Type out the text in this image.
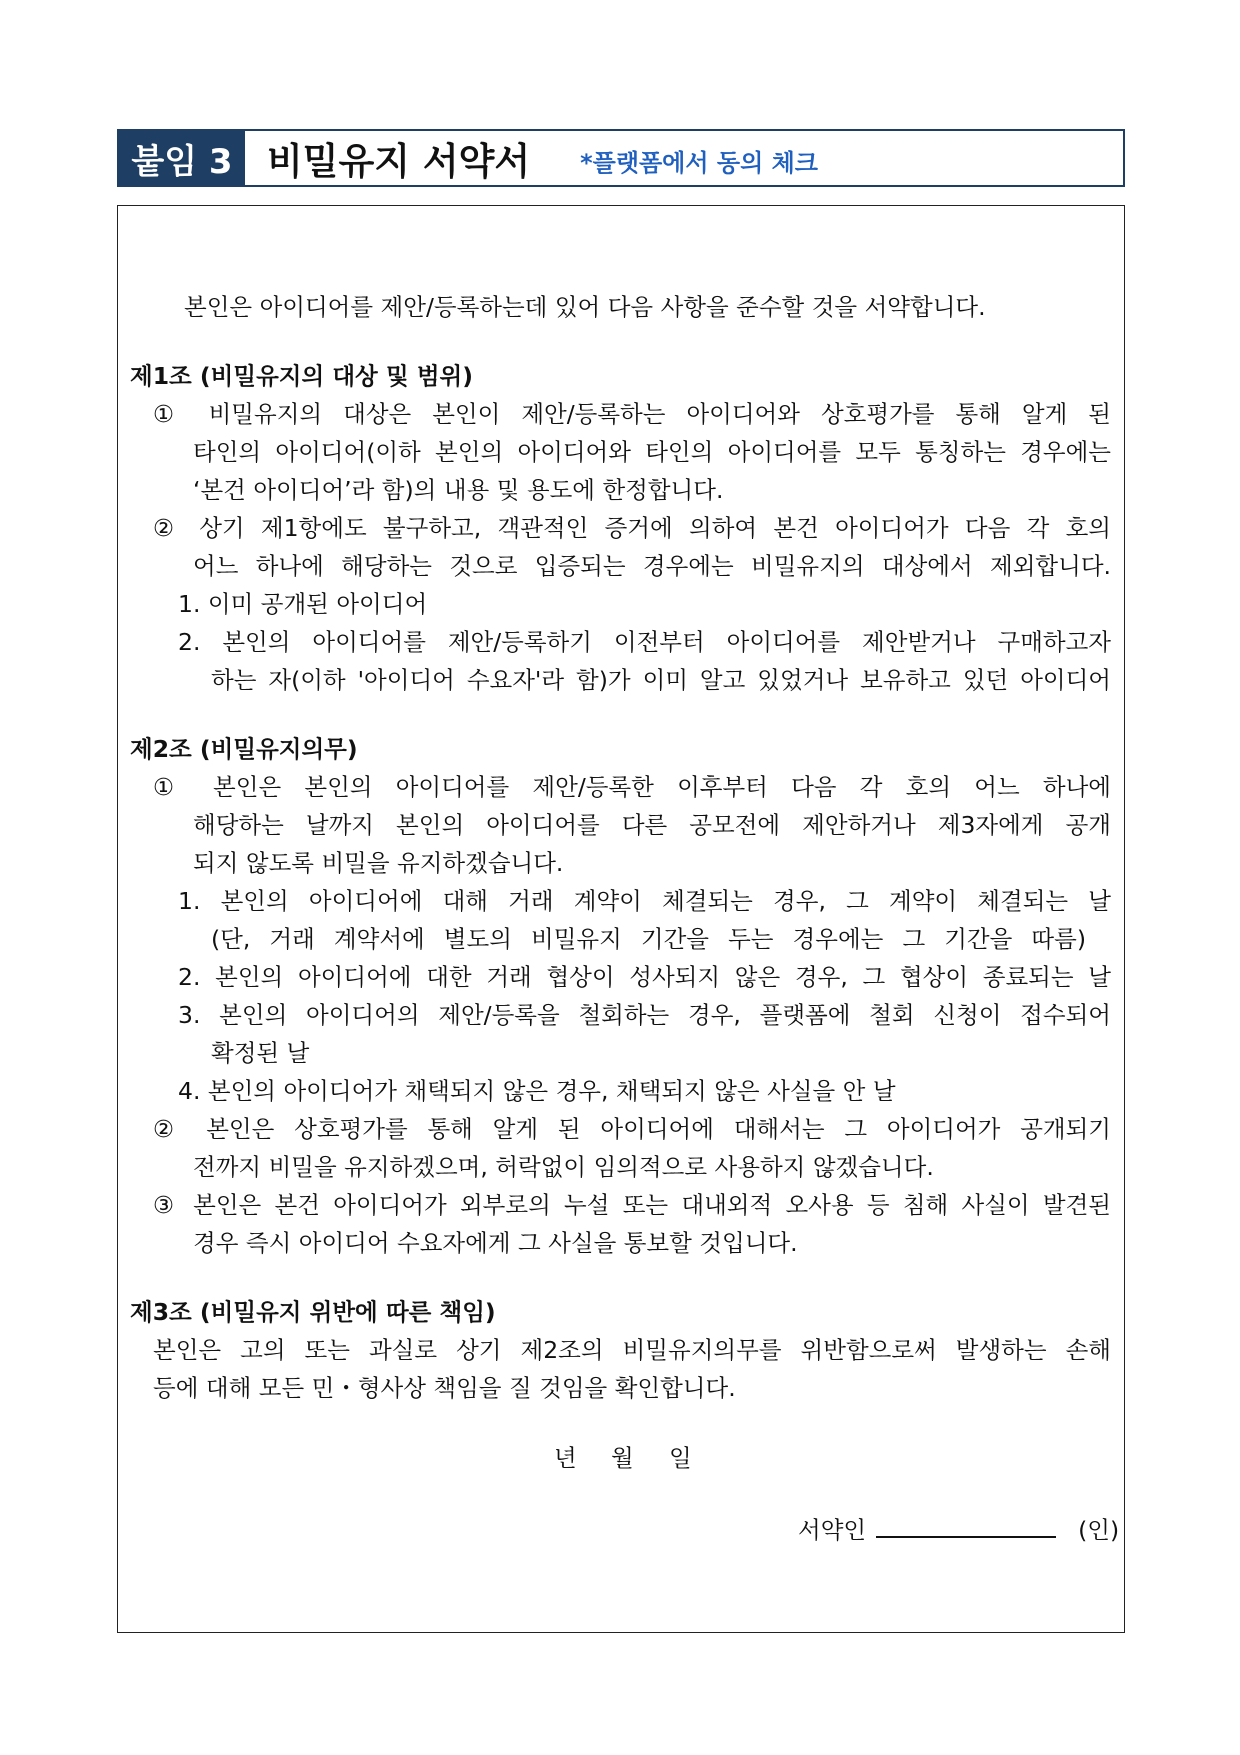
붙임 3 비밀유지 서약서	*플랫폼에서 동의 체크
본인은 아이디어를 제안/등록하는데 있어 다음 사항을 준수할 것을 서약합니다.
제1조 (비밀유지의 대상 및 범위)
① 비밀유지의 대상은 본인이 제안/등록하는 아이디어와 상호평가를 통해 알게 된
타인의 아이디어(이하 본인의 아이디어와 타인의 아이디어를 모두 통칭하는 경우에는
‘본건 아이디어’라 함)의 내용 및 용도에 한정합니다.
② 상기 제1항에도 불구하고, 객관적인 증거에 의하여 본건 아이디어가 다음 각 호의
어느 하나에 해당하는 것으로 입증되는 경우에는 비밀유지의 대상에서 제외합니다.
1. 이미 공개된 아이디어
2. 본인의 아이디어를 제안/등록하기 이전부터 아이디어를 제안받거나 구매하고자
하는 자(이하 '아이디어 수요자'라 함)가 이미 알고 있었거나 보유하고 있던 아이디어
제2조 (비밀유지의무)
① 본인은 본인의 아이디어를 제안/등록한 이후부터 다음 각 호의 어느 하나에
해당하는 날까지 본인의 아이디어를 다른 공모전에 제안하거나 제3자에게 공개
되지 않도록 비밀을 유지하겠습니다.
1. 본인의 아이디어에 대해 거래 계약이 체결되는 경우, 그 계약이 체결되는 날
(단, 거래 계약서에 별도의 비밀유지 기간을 두는 경우에는 그 기간을 따름)
2. 본인의 아이디어에 대한 거래 협상이 성사되지 않은 경우, 그 협상이 종료되는 날
3. 본인의 아이디어의 제안/등록을 철회하는 경우, 플랫폼에 철회 신청이 접수되어
확정된 날
4. 본인의 아이디어가 채택되지 않은 경우, 채택되지 않은 사실을 안 날
② 본인은 상호평가를 통해 알게 된 아이디어에 대해서는 그 아이디어가 공개되기
전까지 비밀을 유지하겠으며, 허락없이 임의적으로 사용하지 않겠습니다.
③ 본인은 본건 아이디어가 외부로의 누설 또는 대내외적 오사용 등 침해 사실이 발견된
경우 즉시 아이디어 수요자에게 그 사실을 통보할 것입니다.
제3조 (비밀유지 위반에 따른 책임)
본인은 고의 또는 과실로 상기 제2조의 비밀유지의무를 위반함으로써 발생하는 손해
등에 대해 모든 민・형사상 책임을 질 것임을 확인합니다.
년 월 일
서약인	(인)
